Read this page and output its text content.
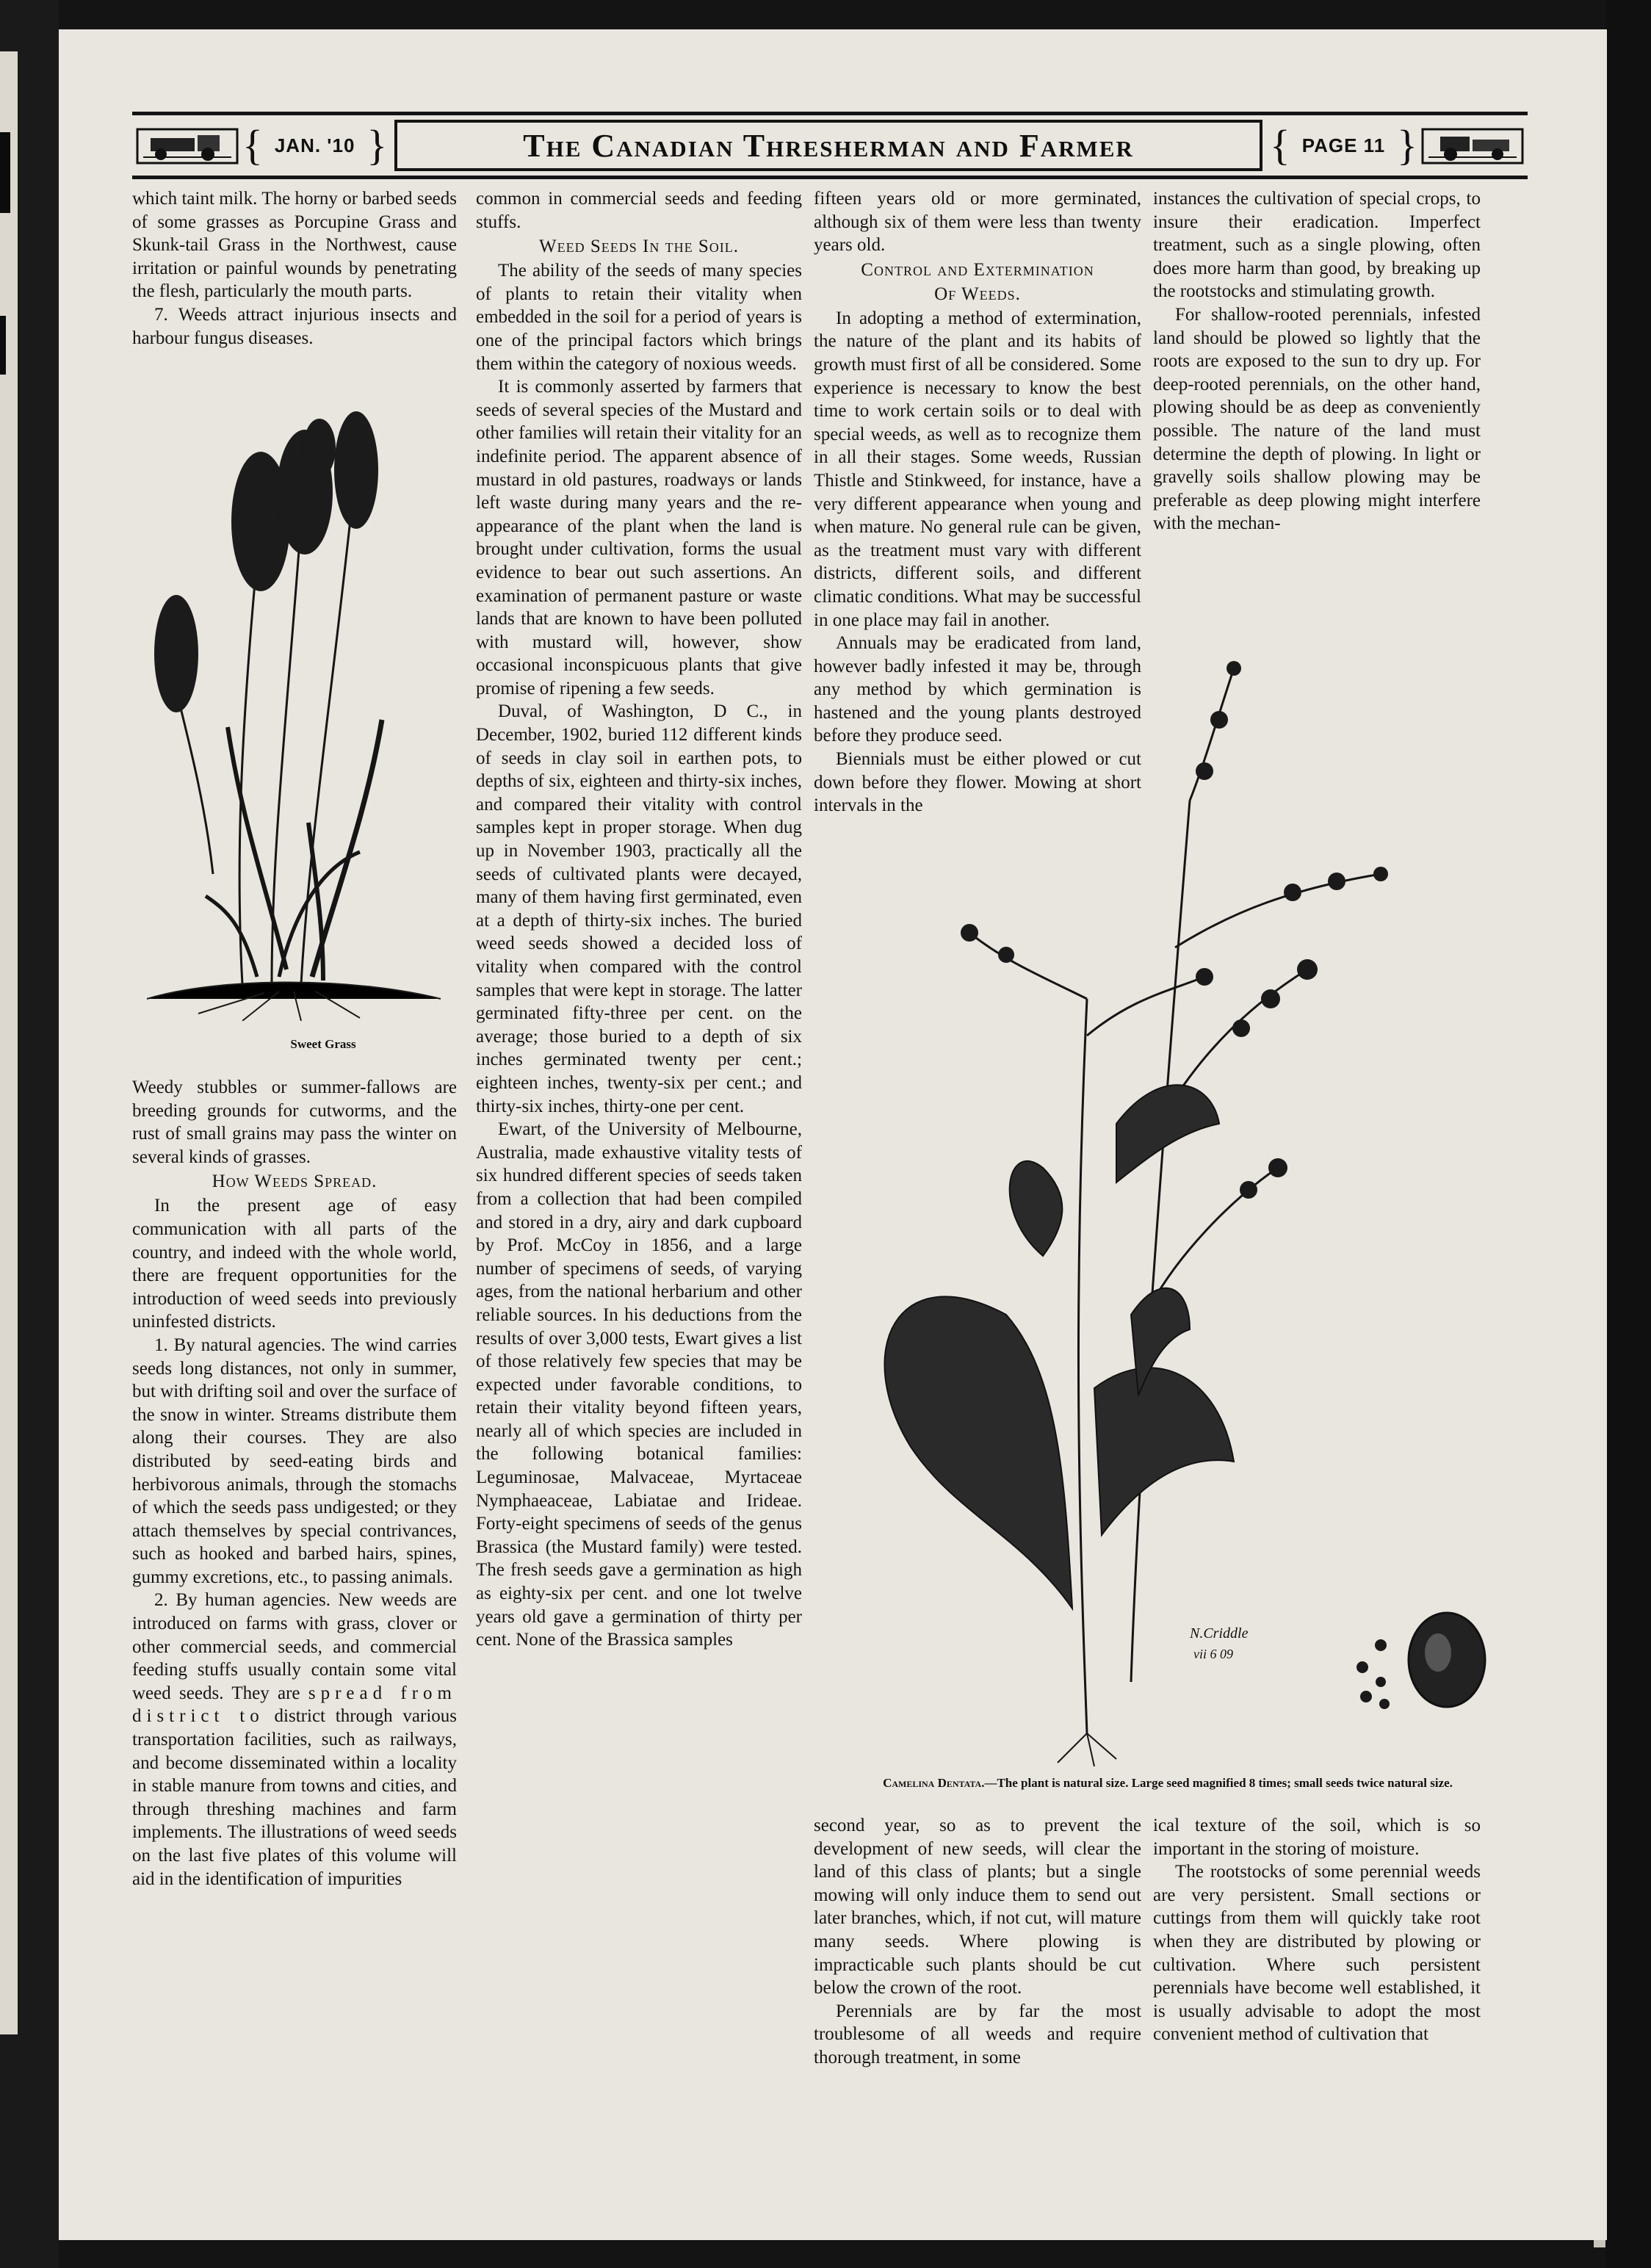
{ JAN. '10 }	The Canadian Thresherman and Farmer	{ PAGE 11 }

which taint milk. The horny or barbed seeds of some grasses as Porcupine Grass and Skunk-tail Grass in the Northwest, cause irritation or painful wounds by penetrating the flesh, particularly the mouth parts.

7. Weeds attract injurious insects and harbour fungus diseases.

Sweet Grass

Weedy stubbles or summer-fallows are breeding grounds for cutworms, and the rust of small grains may pass the winter on several kinds of grasses.

How Weeds Spread.

In the present age of easy communication with all parts of the country, and indeed with the whole world, there are frequent opportunities for the introduction of weed seeds into previously uninfested districts.

1. By natural agencies. The wind carries seeds long distances, not only in summer, but with drifting soil and over the surface of the snow in winter. Streams distribute them along their courses. They are also distributed by seed-eating birds and herbivorous animals, through the stomachs of which the seeds pass undigested; or they attach themselves by special contrivances, such as hooked and barbed hairs, spines, gummy excretions, etc., to passing animals.

2. By human agencies. New weeds are introduced on farms with grass, clover or other commercial seeds, and commercial feeding stuffs usually contain some vital weed seeds. They are spread from district to district through various transportation facilities, such as railways, and become disseminated within a locality in stable manure from towns and cities, and through threshing machines and farm implements. The illustrations of weed seeds on the last five plates of this volume will aid in the identification of impurities

common in commercial seeds and feeding stuffs.

Weed Seeds In the Soil.

The ability of the seeds of many species of plants to retain their vitality when embedded in the soil for a period of years is one of the principal factors which brings them within the category of noxious weeds.

It is commonly asserted by farmers that seeds of several species of the Mustard and other families will retain their vitality for an indefinite period. The apparent absence of mustard in old pastures, roadways or lands left waste during many years and the re-appearance of the plant when the land is brought under cultivation, forms the usual evidence to bear out such assertions. An examination of permanent pasture or waste lands that are known to have been polluted with mustard will, however, show occasional inconspicuous plants that give promise of ripening a few seeds.

Duval, of Washington, D C., in December, 1902, buried 112 different kinds of seeds in clay soil in earthen pots, to depths of six, eighteen and thirty-six inches, and compared their vitality with control samples kept in proper storage. When dug up in November 1903, practically all the seeds of cultivated plants were decayed, many of them having first germinated, even at a depth of thirty-six inches. The buried weed seeds showed a decided loss of vitality when compared with the control samples that were kept in storage. The latter germinated fifty-three per cent. on the average; those buried to a depth of six inches germinated twenty per cent.; eighteen inches, twenty-six per cent.; and thirty-six inches, thirty-one per cent.

Ewart, of the University of Melbourne, Australia, made exhaustive vitality tests of six hundred different species of seeds taken from a collection that had been compiled and stored in a dry, airy and dark cupboard by Prof. McCoy in 1856, and a large number of specimens of seeds, of varying ages, from the national herbarium and other reliable sources. In his deductions from the results of over 3,000 tests, Ewart gives a list of those relatively few species that may be expected under favorable conditions, to retain their vitality beyond fifteen years, nearly all of which species are included in the following botanical families: Leguminosae, Malvaceae, Myrtaceae Nymphaeaceae, Labiatae and Irideae. Forty-eight specimens of seeds of the genus Brassica (the Mustard family) were tested. The fresh seeds gave a germination as high as eighty-six per cent. and one lot twelve years old gave a germination of thirty per cent. None of the Brassica samples

fifteen years old or more germinated, although six of them were less than twenty years old.

Control and Extermination
Of Weeds.

In adopting a method of extermination, the nature of the plant and its habits of growth must first of all be considered. Some experience is necessary to know the best time to work certain soils or to deal with special weeds, as well as to recognize them in all their stages. Some weeds, Russian Thistle and Stinkweed, for instance, have a very different appearance when young and when mature. No general rule can be given, as the treatment must vary with different districts, different soils, and different climatic conditions. What may be successful in one place may fail in another.

Annuals may be eradicated from land, however badly infested it may be, through any method by which germination is hastened and the young plants destroyed before they produce seed.

Biennials must be either plowed or cut down before they flower. Mowing at short intervals in the

instances the cultivation of special crops, to insure their eradication. Imperfect treatment, such as a single plowing, often does more harm than good, by breaking up the rootstocks and stimulating growth.

For shallow-rooted perennials, infested land should be plowed so lightly that the roots are exposed to the sun to dry up. For deep-rooted perennials, on the other hand, plowing should be as deep as conveniently possible. The nature of the land must determine the depth of plowing. In light or gravelly soils shallow plowing may be preferable as deep plowing might interfere with the mechan-

N.Criddle
vii 6 09
Camelina Dentata.—The plant is natural size. Large seed magnified 8 times; small seeds twice natural size.

second year, so as to prevent the development of new seeds, will clear the land of this class of plants; but a single mowing will only induce them to send out later branches, which, if not cut, will mature many seeds. Where plowing is impracticable such plants should be cut below the crown of the root.

Perennials are by far the most troublesome of all weeds and require thorough treatment, in some

ical texture of the soil, which is so important in the storing of moisture.

The rootstocks of some perennial weeds are very persistent. Small sections or cuttings from them will quickly take root when they are distributed by plowing or cultivation. Where such persistent perennials have become well established, it is usually advisable to adopt the most convenient method of cultivation that
